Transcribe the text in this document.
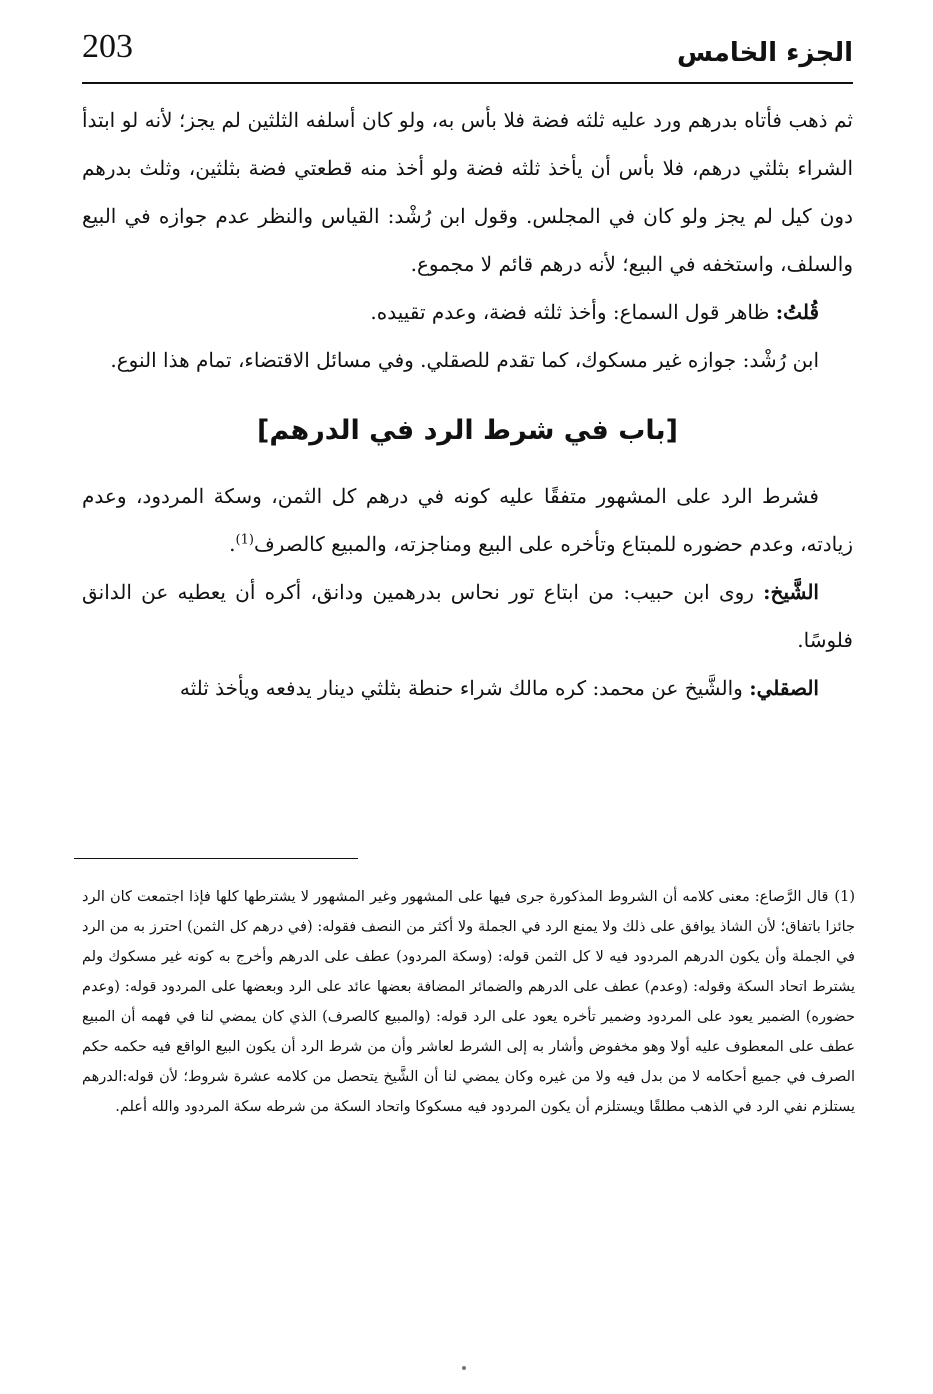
الجزء الخامس
203

ثم ذهب فأتاه بدرهم ورد عليه ثلثه فضة فلا بأس به، ولو كان أسلفه الثلثين لم يجز؛ لأنه لو ابتدأ الشراء بثلثي درهم، فلا بأس أن يأخذ ثلثه فضة ولو أخذ منه قطعتي فضة بثلثين، وثلث بدرهم دون كيل لم يجز ولو كان في المجلس. وقول ابن رُشْد: القياس والنظر عدم جوازه في البيع والسلف، واستخفه في البيع؛ لأنه درهم قائم لا مجموع.

قُلتُ: ظاهر قول السماع: وأخذ ثلثه فضة، وعدم تقييده.

ابن رُشْد: جوازه غير مسكوك، كما تقدم للصقلي. وفي مسائل الاقتضاء، تمام هذا النوع.

[باب في شرط الرد في الدرهم]

فشرط الرد على المشهور متفقًا عليه كونه في درهم كل الثمن، وسكة المردود، وعدم زيادته، وعدم حضوره للمبتاع وتأخره على البيع ومناجزته، والمبيع كالصرف$^{(1)}$.

الشَّيخ: روى ابن حبيب: من ابتاع تور نحاس بدرهمين ودانق، أكره أن يعطيه عن الدانق فلوسًا.

الصقلي: والشَّيخ عن محمد: كره مالك شراء حنطة بثلثي دينار يدفعه ويأخذ ثلثه

(1)قال الرَّصاع: معنى كلامه أن الشروط المذكورة جرى فيها على المشهور وغير المشهور لا يشترطها كلها فإذا اجتمعت كان الرد جائزا باتفاق؛ لأن الشاذ يوافق على ذلك ولا يمنع الرد في الجملة ولا أكثر من النصف فقوله: (في درهم كل الثمن) احترز به من الرد في الجملة وأن يكون الدرهم المردود فيه لا كل الثمن قوله: (وسكة المردود) عطف على الدرهم وأخرج به كونه غير مسكوك ولم يشترط اتحاد السكة وقوله: (وعدم) عطف على الدرهم والضمائر المضافة بعضها عائد على الرد وبعضها على المردود قوله: (وعدم حضوره) الضمير يعود على المردود وضمير تأخره يعود على الرد قوله: (والمبيع كالصرف) الذي كان يمضي لنا في فهمه أن المبيع عطف على المعطوف عليه أولا وهو مخفوض وأشار به إلى الشرط لعاشر وأن من شرط الرد أن يكون البيع الواقع فيه حكمه حكم الصرف في جميع أحكامه لا من بدل فيه ولا من غيره وكان يمضي لنا أن الشَّيخ يتحصل من كلامه عشرة شروط؛ لأن قوله:الدرهم يستلزم نفي الرد في الذهب مطلقًا ويستلزم أن يكون المردود فيه مسكوكا واتحاد السكة من شرطه سكة المردود والله أعلم.
